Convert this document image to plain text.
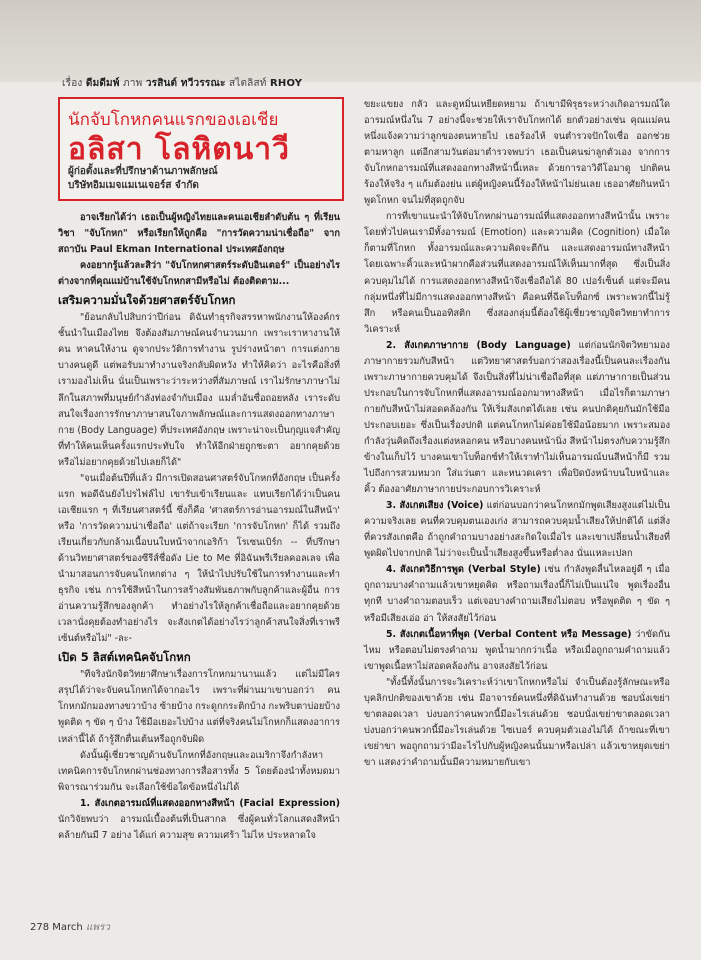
เรื่อง ดีมดีมพ์ ภาพ วรสินต์ ทวีวรรณะ สไตลิสท์ RHOY
นักจับโกหกคนแรกของเอเชีย
อลิสา โลหิตนาวี
ผู้ก่อตั้งและที่ปรึกษาด้านภาพลักษณ์
บริษัทอิมเมจแมเนเจอร์ส จำกัด

อาจเรียกได้ว่า เธอเป็นผู้หญิงไทยและคนเอเชียลำดับต้น ๆ ที่เรียนวิชา "จับโกหก" หรือเรียกให้ถูกคือ "การวัดความน่าเชื่อถือ" จากสถาบัน Paul Ekman International ประเทศอังกฤษ

คงอยากรู้แล้วละสิว่า "จับโกหกศาสตร์ระดับอินเตอร์" เป็นอย่างไร ต่างจากที่คุณแม่บ้านใช้จับโกหกสามีหรือไม่ ต้องติดตาม...

เสริมความมั่นใจด้วยศาสตร์จับโกหก

"ย้อนกลับไปสิบกว่าปีก่อน ดิฉันทำธุรกิจสรรหาพนักงานให้องค์กร ชั้นนำในเมืองไทย จึงต้องสัมภาษณ์คนจำนวนมาก เพราะเราหางานให้คน หาคนให้งาน ดูจากประวัติการทำงาน รูปร่างหน้าตา การแต่งกาย บางคนดูดี แต่พอรับมาทำงานจริงกลับผิดหวัง ทำให้คิดว่า อะไรคือสิ่งที่เรามองไม่เห็น นั่นเป็นเพราะว่าระหว่างที่สัมภาษณ์ เราไม่รักษาภาษาไม่ลึกในสภาพที่มนุษย์กำลังท่องจำกับเมือง แมล่ำอันซื่อถอยหลัง เราระดับสนใจเรื่องการรักษาภาษาสนใจภาพลักษณ์และการแสดงออกทางภาษากาย (Body Language) ที่ประเทศอังกฤษ เพราะน่าจะเป็นกุญแจสำคัญที่ทำให้คนเห็นครั้งแรกประทับใจ ทำให้อีกฝ่ายถูกชะตา อยากคุยด้วยหรือไม่อยากคุยด้วยไปเลยก็ได้"

"จนเมื่อต้นปีที่แล้ว มีการเปิดสอนศาสตร์จับโกหกที่อังกฤษ เป็นครั้งแรก พอดีฉันยังไปรไฟล์ไป เขารับเข้าเรียนและ แทบเรียกได้ว่าเป็นคนเอเชียแรก ๆ ที่เรียนศาสตร์นี้ ซึ่งก็คือ 'ศาสตร์การอ่านอารมณ์ในสีหน้า' หรือ 'การวัดความน่าเชื่อถือ' แต่ถ้าจะเรียก 'การจับโกหก' ก็ได้ รวมถึงเรียนเกี่ยวกับกล้ามเนื้อบนใบหน้าจากเอริก้า โรเซนเบิร์ก -- ที่ปรึกษาด้านวิทยาศาสตร์ของซีรีส์ชื่อดัง Lie to Me ที่อิฉันพรีเรียลคอลเลจ เพื่อนำมาสอนการจับคนโกหกต่าง ๆ ให้นำไปปรับใช้ในการทำงานและทำธุรกิจ เช่น การใช้สีหน้าในการสร้างสัมพันธภาพกับลูกค้าและผู้อื่น การอ่านความรู้สึกของลูกค้า ทำอย่างไรให้ลูกค้าเชื่อถือและอยากคุยด้วย เวลานั่งคุยต้องทำอย่างไร จะสังเกตได้อย่างไรว่าลูกค้าสนใจสิ่งที่เราพรีเซ้นต์หรือไม่" -ละ-

เปิด 5 ลิสต์เทคนิคจับโกหก

"ทีจริงนักจิตวิทยาศึกษาเรื่องการโกหกมานานแล้ว แต่ไม่มีใครสรุปได้ว่าจะจับคนโกหกได้จากอะไร เพราะที่ผ่านมาเขาบอกว่า คนโกหกมักมองทางขวาบ้าง ซ้ายบ้าง กระดูกกระติกบ้าง กะพริบตาบ่อยบ้าง พูดติด ๆ ขัด ๆ บ้าง ใช้มือเยอะไปบ้าง แต่ที่จริงคนไม่โกหกก็แสดงอาการเหล่านี้ได้ ถ้ารู้สึกตื่นเต้นหรือถูกจับผิด

ดังนั้นผู้เชี่ยวชาญด้านจับโกหกที่อังกฤษและอเมริกาจึงกำลังหาเทคนิคการจับโกหกผ่านช่องทางการสื่อสารทั้ง 5 โดยต้องนำทั้งหมดมาพิจารณาร่วมกัน จะเลือกใช้ข้อใดข้อหนึ่งไม่ได้

1. สังเกตอารมณ์ที่แสดงออกทางสีหน้า (Facial Expression) นักวิจัยพบว่า อารมณ์เบื้องต้นที่เป็นสากล ซึ่งผู้คนทั่วโลกแสดงสีหน้าคล้ายกันมี 7 อย่าง ได้แก่ ความสุข ความเศร้า ไม่ไห ประหลาดใจ

ขยะแขยง กลัว และดูหมิ่นเหยียดหยาม ถ้าเขามีพิรุธระหว่างเกิดอารมณ์ใดอารมณ์หนึ่งใน 7 อย่างนี้จะช่วยให้เราจับโกหกได้ ยกตัวอย่างเช่น คุณแม่คนหนึ่งแจ้งความว่าลูกของตนหายไป เธอร้องไห้ จนตำรวจปักใจเชื่อ ออกช่วยตามหาลูก แต่อีกสามวันต่อมาตำรวจพบว่า เธอเป็นคนฆ่าลูกตัวเอง จากการจับโกหกอารมณ์ที่แสดงออกทางสีหน้านี้เหละ ด้วยการอาวิดีโอมาดู ปกติคนร้องให้จริง ๆ แก้มต้องย่น แต่ผู้หญิงคนนี้ร้องให้หน้าไม่ย่นเลย เธออาศัยกินหน้า พูดโกหก จนไม่ที่สุดถูกจับ

การที่เขาแนะนำให้จับโกหกผ่านอารมณ์ที่แสดงออกทางสีหน้านั้น เพราะโดยทั่วไปคนเรามีทั้งอารมณ์ (Emotion) และความคิด (Cognition) เมื่อใดก็ตามที่โกหก ทั้งอารมณ์และความคิดจะตีกัน และแสดงอารมณ์ทางสีหน้า โดยเฉพาะคิ้วและหน้าผากคือส่วนที่แสดงอารมณ์ให้เห็นมากที่สุด ซึ่งเป็นสิ่งควบคุมไม่ได้ การแสดงออกทางสีหน้าจึงเชื่อถือได้ 80 เปอร์เซ็นต์ แต่จะมีคนกลุ่มหนึ่งที่ไม่มีการแสดงออกทางสีหน้า คือคนที่ฉีดโบท็อกซ์ เพราะพวกนี้ไม่รู้สึก หรือคนเป็นออทิสติก ซึ่งสองกลุ่มนี้ต้องใช้ผู้เชี่ยวชาญจิตวิทยาทำการวิเคราะห์

2. สังเกตภาษากาย (Body Language) แต่ก่อนนักจิตวิทยามองภาษากายรวมกับสีหน้า แต่วิทยาศาสตร์บอกว่าสองเรื่องนี้เป็นคนละเรื่องกัน เพราะภาษากายควบคุมได้ จึงเป็นสิ่งที่ไม่น่าเชื่อถือที่สุด แต่ภาษากายเป็นส่วนประกอบในการจับโกหกที่แสดงอารมณ์ออกมาทางสีหน้า เมื่อไรก็ตามภาษากายกับสีหน้าไม่สอดคล้องกัน ให้เริ่มสังเกตได้เลย เช่น คนปกติคุยกันมักใช้มือประกอบเยอะ ซึ่งเป็นเรื่องปกติ แต่คนโกหกไม่ค่อยใช้มือน้อยมาก เพราะสมองกำลังวุ่นคิดถึงเรื่องแต่งหลอกคน หรือบางคนหน้านิ่ง สีหน้าไม่ตรงกับความรู้สึกข้างในเก็บไว้ บางคนเขาโบท็อกซ์ทำให้เราทำไม่เห็นอารมณ์บนสีหน้าก็มี รวมไปถึงการสวมหมวก ใส่แว่นตา และหนวดเครา เพื่อปิดบังหน้าบนใบหน้าและคิ้ว ต้องอาศัยภาษากายประกอบการวิเคราะห์

3. สังเกตเสียง (Voice) แต่ก่อนบอกว่าคนโกหกมักพูดเสียงสูงแต่ไม่เป็นความจริงเลย คนที่ควบคุมตนเองเก่ง สามารถควบคุมน้ำเสียงให้ปกติได้ แต่สิ่งที่ควรสังเกตคือ ถ้าถูกคำถามบางอย่างสะกิดใจเมื่อไร และเขาเปลี่ยนน้ำเสียงที่พูดผิดไปจากปกติ ไม่ว่าจะเป็นน้ำเสียงสูงขึ้นหรือต่ำลง นั่นแหละเปลก

4. สังเกตวิธีการพูด (Verbal Style) เช่น กำลังพูดลื่นไหลอยู่ดี ๆ เมื่อถูกถามบางคำถามแล้วเขาหยุดคิด หรือถามเรื่องนี้ก็ไม่เป็นแน่ใจ พูดเรื่องอื่นทุกที บางคำถามตอบเร็ว แต่เจอบางคำถามเสียงไม่ตอบ หรือพูดติด ๆ ขัด ๆ หรือมีเสียงเอ่อ อ่า ให้สงสัยไว้ก่อน

5. สังเกตเนื้อหาที่พูด (Verbal Content หรือ Message) ว่าขัดกันไหม หรือตอบไม่ตรงคำถาม พูดน้ำมากกว่าเนื้อ หรือเมื่อถูกถามคำถามแล้วเขาพูดเนื้อหาไม่สอดคล้องกัน อาจสงสัยไว้ก่อน

"ทั้งนี้ทั้งนั้นการจะวิเคราะห์ว่าเขาโกหกหรือไม่ จำเป็นต้องรู้ลักษณะหรือบุคลิกปกติของเขาด้วย เช่น มีอาจารย์คนหนึ่งที่ดิฉันทำงานด้วย ชอบนั่งเขย่าขาตลอดเวลา บ่งบอกว่าคนพวกนี้มีอะไรเล่นด้วย ชอบนั่งเขย่าขาตลอดเวลา บ่งบอกว่าคนพวกนี้มีอะไรเล่นด้วย ไซเบอร์ ควบคุมตัวเองไม่ได้ ถ้าขณะที่เขาเขย่าขา พอถูกถามว่ามีอะไรไปกับผู้หญิงคนนั้นมาหรือเปล่า แล้วเขาหยุดเขย่าขา แสดงว่าคำถามนั้นมีความหมายกับเขา

278 March แพรว
